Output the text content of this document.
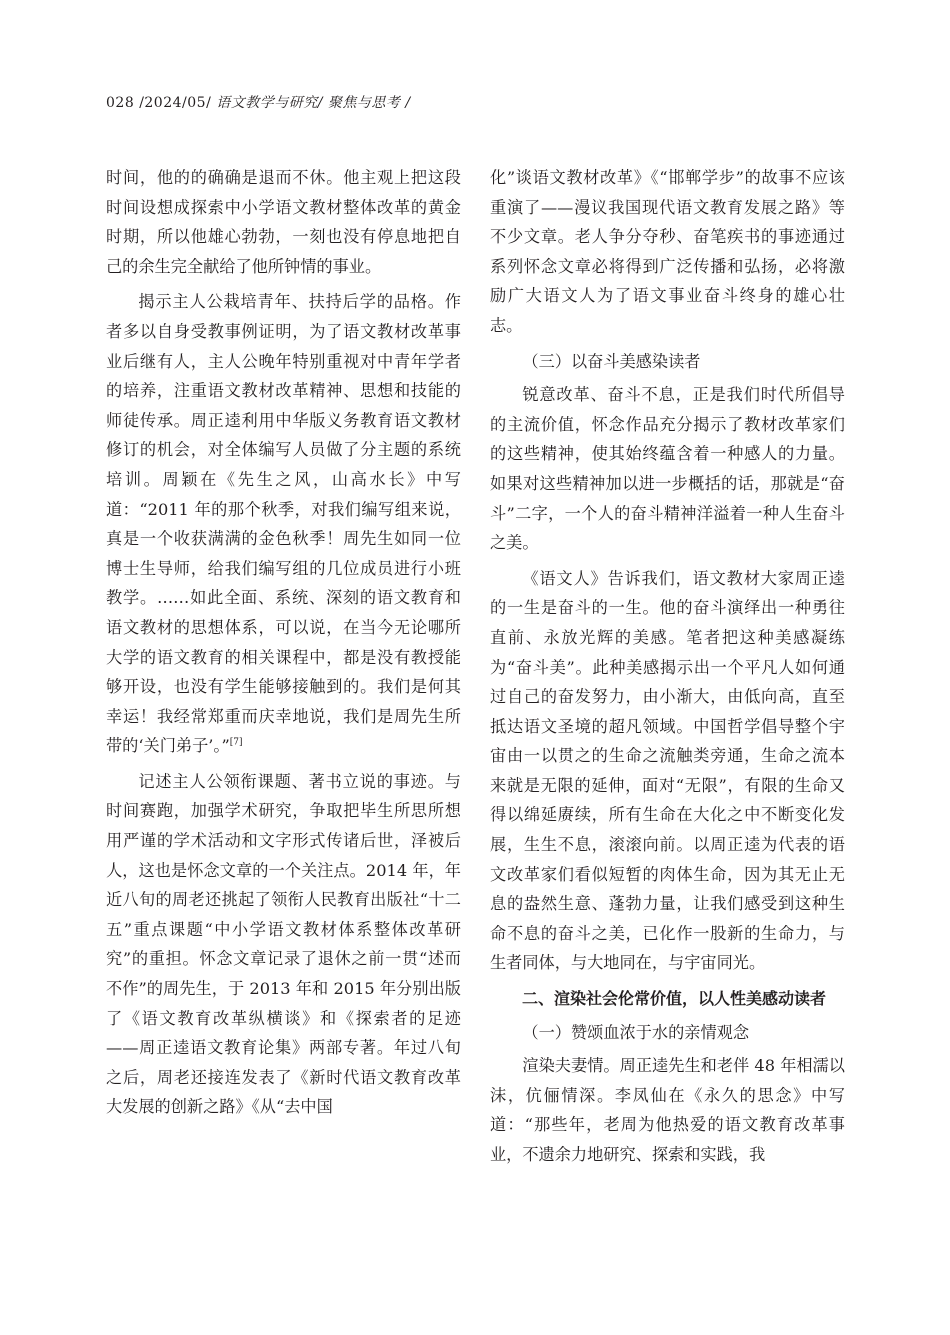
028 /2024/05/ 语文教学与研究/ 聚焦与思考 /

时间，他的的确确是退而不休。他主观上把这段时间设想成探索中小学语文教材整体改革的黄金时期，所以他雄心勃勃，一刻也没有停息地把自己的余生完全献给了他所钟情的事业。

揭示主人公栽培青年、扶持后学的品格。作者多以自身受教事例证明，为了语文教材改革事业后继有人，主人公晚年特别重视对中青年学者的培养，注重语文教材改革精神、思想和技能的师徒传承。周正逵利用中华版义务教育语文教材修订的机会，对全体编写人员做了分主题的系统培训。周颖在《先生之风，山高水长》中写道：“2011 年的那个秋季，对我们编写组来说，真是一个收获满满的金色秋季！周先生如同一位博士生导师，给我们编写组的几位成员进行小班教学。……如此全面、系统、深刻的语文教育和语文教材的思想体系，可以说，在当今无论哪所大学的语文教育的相关课程中，都是没有教授能够开设，也没有学生能够接触到的。我们是何其幸运！我经常郑重而庆幸地说，我们是周先生所带的‘关门弟子’。”[7]

记述主人公领衔课题、著书立说的事迹。与时间赛跑，加强学术研究，争取把毕生所思所想用严谨的学术活动和文字形式传诸后世，泽被后人，这也是怀念文章的一个关注点。2014 年，年近八旬的周老还挑起了领衔人民教育出版社“十二五”重点课题“中小学语文教材体系整体改革研究”的重担。怀念文章记录了退休之前一贯“述而不作”的周先生，于 2013 年和 2015 年分别出版了《语文教育改革纵横谈》和《探索者的足迹——周正逵语文教育论集》两部专著。年过八旬之后，周老还接连发表了《新时代语文教育改革大发展的创新之路》《从“去中国

化”谈语文教材改革》《“邯郸学步”的故事不应该重演了——漫议我国现代语文教育发展之路》等不少文章。老人争分夺秒、奋笔疾书的事迹通过系列怀念文章必将得到广泛传播和弘扬，必将激励广大语文人为了语文事业奋斗终身的雄心壮志。

（三）以奋斗美感染读者

锐意改革、奋斗不息，正是我们时代所倡导的主流价值，怀念作品充分揭示了教材改革家们的这些精神，使其始终蕴含着一种感人的力量。如果对这些精神加以进一步概括的话，那就是“奋斗”二字，一个人的奋斗精神洋溢着一种人生奋斗之美。

《语文人》告诉我们，语文教材大家周正逵的一生是奋斗的一生。他的奋斗演绎出一种勇往直前、永放光辉的美感。笔者把这种美感凝练为“奋斗美”。此种美感揭示出一个平凡人如何通过自己的奋发努力，由小渐大，由低向高，直至抵达语文圣境的超凡领域。中国哲学倡导整个宇宙由一以贯之的生命之流触类旁通，生命之流本来就是无限的延伸，面对“无限”，有限的生命又得以绵延赓续，所有生命在大化之中不断变化发展，生生不息，滚滚向前。以周正逵为代表的语文改革家们看似短暂的肉体生命，因为其无止无息的盎然生意、蓬勃力量，让我们感受到这种生命不息的奋斗之美，已化作一股新的生命力，与生者同体，与大地同在，与宇宙同光。

二、渲染社会伦常价值，以人性美感动读者

（一）赞颂血浓于水的亲情观念

渲染夫妻情。周正逵先生和老伴 48 年相濡以沫，伉俪情深。李凤仙在《永久的思念》中写道：“那些年，老周为他热爱的语文教育改革事业，不遗余力地研究、探索和实践，我
